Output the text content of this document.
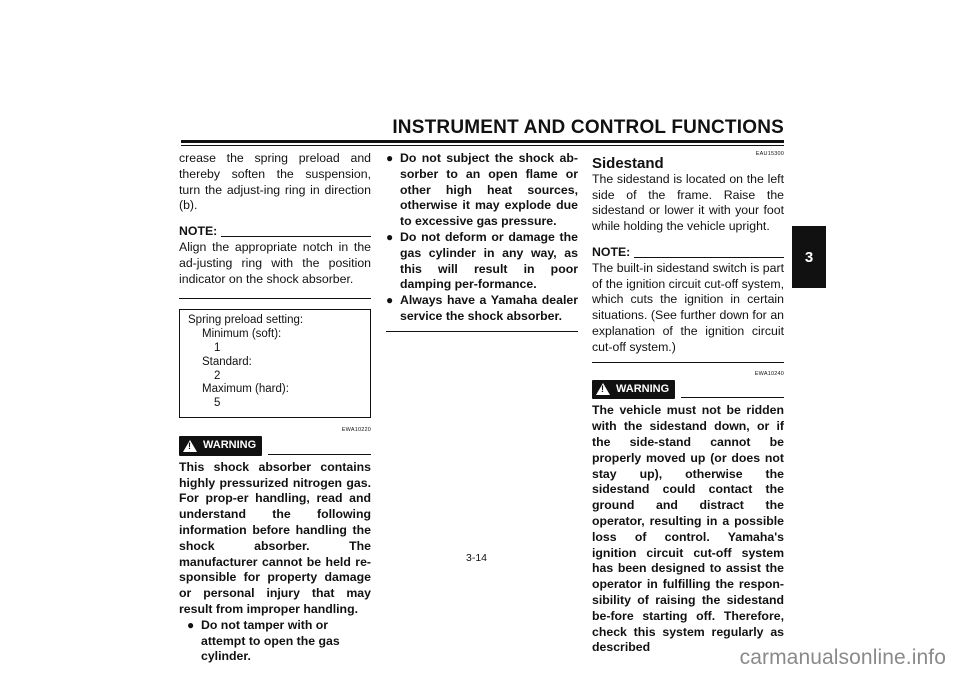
INSTRUMENT AND CONTROL FUNCTIONS
3

crease the spring preload and thereby soften the suspension, turn the adjust-ing ring in direction (b).

NOTE:

Align the appropriate notch in the ad-justing ring with the position indicator on the shock absorber.

Spring preload setting:
Minimum (soft):
1
Standard:
2
Maximum (hard):
5
EWA10220
! WARNING

This shock absorber contains highly pressurized nitrogen gas. For prop-er handling, read and understand the following information before handling the shock absorber. The manufacturer cannot be held re-sponsible for property damage or personal injury that may result from improper handling.

● Do not tamper with or attempt to open the gas cylinder.
● Do not subject the shock ab-sorber to an open flame or other high heat sources, otherwise it may explode due to excessive gas pressure.
● Do not deform or damage the gas cylinder in any way, as this will result in poor damping per-formance.
● Always have a Yamaha dealer service the shock absorber.
EAU15300
Sidestand

The sidestand is located on the left side of the frame. Raise the sidestand or lower it with your foot while holding the vehicle upright.

NOTE:

The built-in sidestand switch is part of the ignition circuit cut-off system, which cuts the ignition in certain situations. (See further down for an explanation of the ignition circuit cut-off system.)

EWA10240
! WARNING

The vehicle must not be ridden with the sidestand down, or if the side-stand cannot be properly moved up (or does not stay up), otherwise the sidestand could contact the ground and distract the operator, resulting in a possible loss of control. Yamaha's ignition circuit cut-off system has been designed to assist the operator in fulfilling the respon-sibility of raising the sidestand be-fore starting off. Therefore, check this system regularly as described

3-14
carmanualsonline.info
